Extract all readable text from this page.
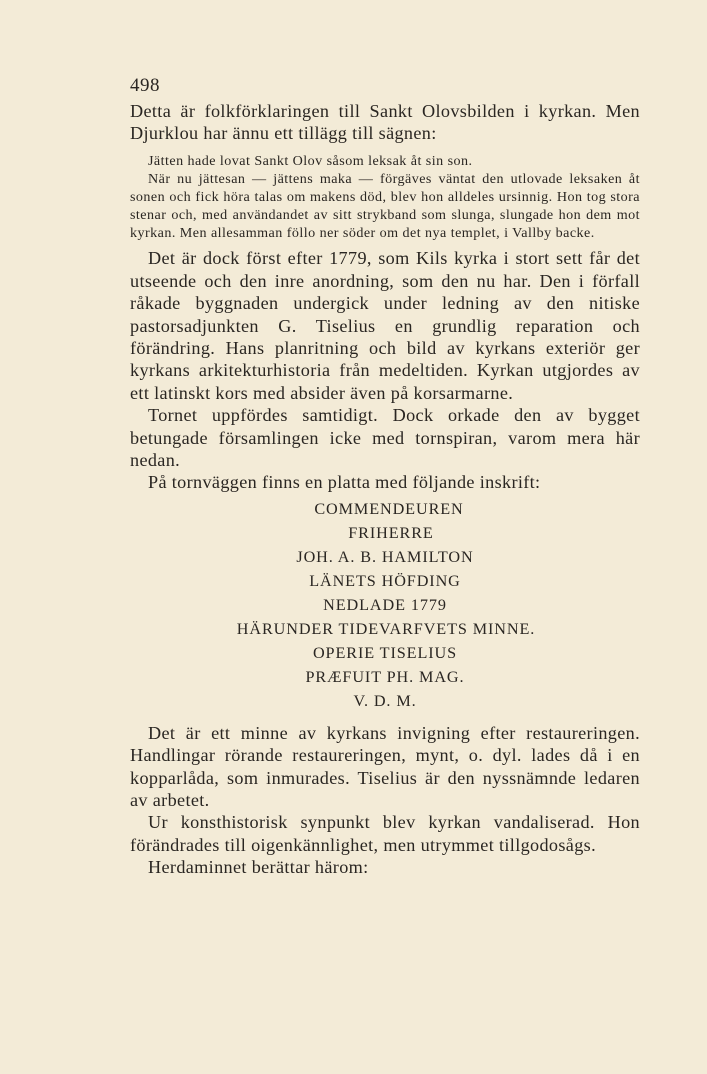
498

Detta är folkförklaringen till Sankt Olovsbilden i kyrkan. Men Djurklou har ännu ett tillägg till sägnen:

Jätten hade lovat Sankt Olov såsom leksak åt sin son.

När nu jättesan — jättens maka — förgäves väntat den utlovade leksaken åt sonen och fick höra talas om makens död, blev hon alldeles ursinnig. Hon tog stora stenar och, med användandet av sitt strykband som slunga, slungade hon dem mot kyrkan. Men allesamman föllo ner söder om det nya templet, i Vallby backe.

Det är dock först efter 1779, som Kils kyrka i stort sett får det utseende och den inre anordning, som den nu har. Den i förfall råkade byggnaden undergick under ledning av den nitiske pastorsadjunkten G. Tiselius en grundlig reparation och förändring. Hans planritning och bild av kyrkans exteriör ger kyrkans arkitekturhistoria från medeltiden. Kyrkan utgjordes av ett latinskt kors med absider även på korsarmarne.

Tornet uppfördes samtidigt. Dock orkade den av bygget betungade församlingen icke med tornspiran, varom mera här nedan.

På tornväggen finns en platta med följande inskrift:

COMMENDEUREN
FRIHERRE
JOH. A. B. HAMILTON
LÄNETS HÖFDING
NEDLADE 1779
HÄRUNDER TIDEVARFVETS MINNE.
OPERIE TISELIUS
PRÆFUIT PH. MAG.
V. D. M.

Det är ett minne av kyrkans invigning efter restaureringen. Handlingar rörande restaureringen, mynt, o. dyl. lades då i en kopparlåda, som inmurades. Tiselius är den nyssnämnde ledaren av arbetet.

Ur konsthistorisk synpunkt blev kyrkan vandaliserad. Hon förändrades till oigenkännlighet, men utrymmet tillgodosågs.

Herdaminnet berättar härom:
